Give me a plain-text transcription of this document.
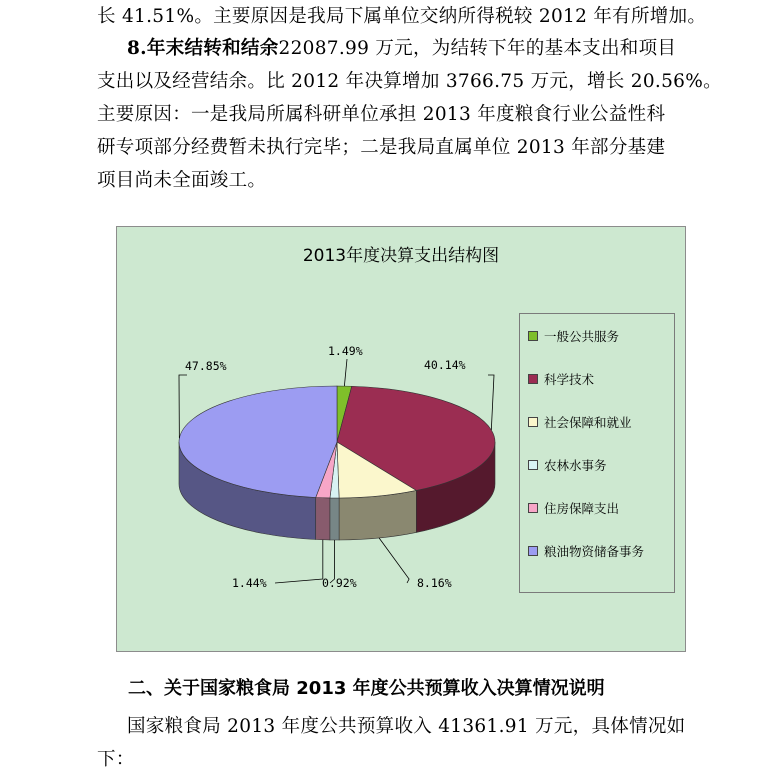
长 41.51%。主要原因是我局下属单位交纳所得税较 2012 年有所增加。
8.年末结转和结余22087.99 万元，为结转下年的基本支出和项目
支出以及经营结余。比 2012 年决算增加 3766.75 万元，增长 20.56%。
主要原因：一是我局所属科研单位承担 2013 年度粮食行业公益性科
研专项部分经费暂未执行完毕；二是我局直属单位 2013 年部分基建
项目尚未全面竣工。
2013年度决算支出结构图
一般公共服务
科学技术
社会保障和就业
农林水事务
住房保障支出
粮油物资储备事务
1.49%
40.14%
8.16%
0.92%
1.44%
47.85%
二、关于国家粮食局 2013 年度公共预算收入决算情况说明
国家粮食局 2013 年度公共预算收入 41361.91 万元，具体情况如
下：
